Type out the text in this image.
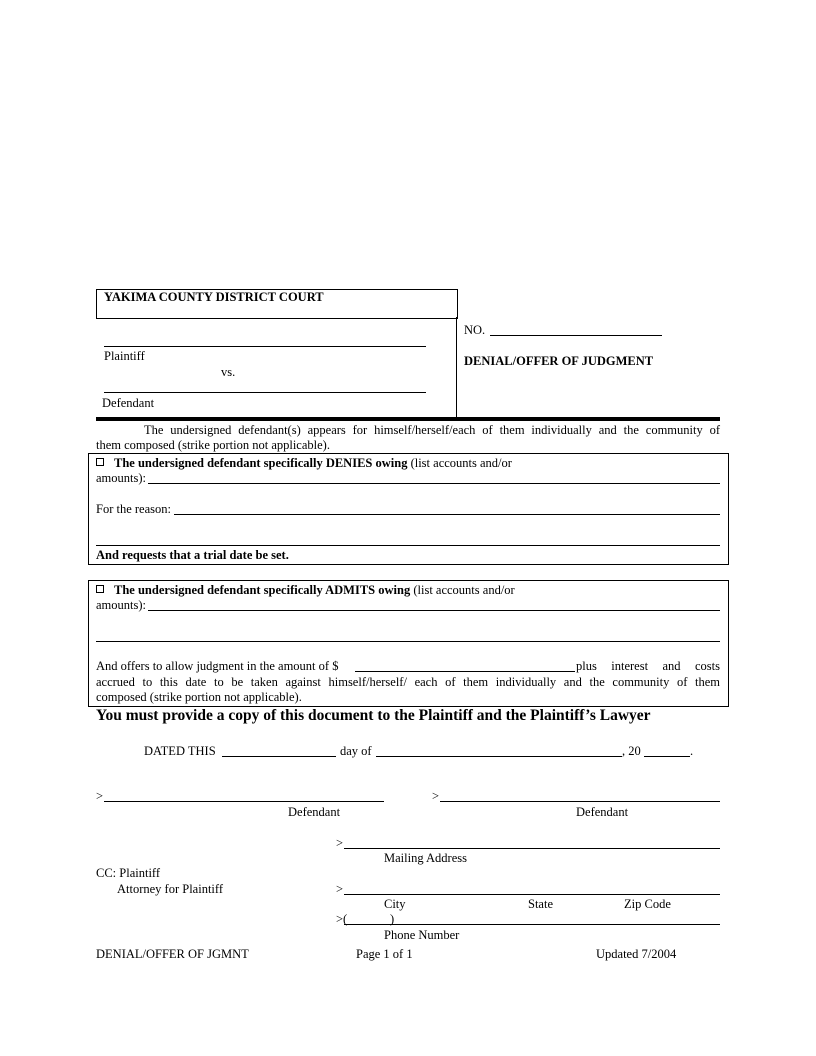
YAKIMA COUNTY DISTRICT COURT
Plaintiff
vs.
Defendant
NO.
DENIAL/OFFER OF JUDGMENT
The undersigned defendant(s) appears for himself/herself/each of them individually and the community of
them composed (strike portion not applicable).
The undersigned defendant specifically DENIES owing (list accounts and/or
amounts):
For the reason:
And requests that a trial date be set.
The undersigned defendant specifically ADMITS owing (list accounts and/or
amounts):
And offers to allow judgment in the amount of $	plus interest and costs
accrued to this date to be taken against himself/herself/ each of them individually and the community of them
composed (strike portion not applicable).
You must provide a copy of this document to the Plaintiff and the Plaintiff’s Lawyer
DATED THIS	day of	, 20	.
>
Defendant
>
Defendant
>
Mailing Address
CC: Plaintiff
Attorney for Plaintiff	>
City	State	Zip Code
>(	)
Phone Number
DENIAL/OFFER OF JGMNT	Page 1 of 1	Updated 7/2004
